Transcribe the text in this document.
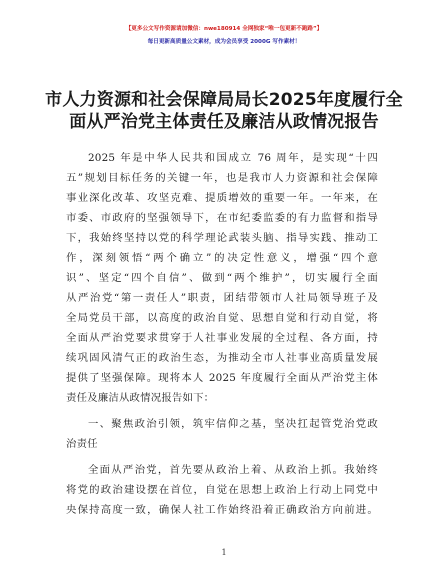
【更多公文写作资源请加微信：nwe180914 全网独家“唯一包更新不跑路”】
每日更新高质量公文素材，成为会员享受 2000G 写作素材！
市人力资源和社会保障局局长2025年度履行全
面从严治党主体责任及廉洁从政情况报告
2025 年是中华人民共和国成立 76 周年，是实现“十四
五”规划目标任务的关键一年，也是我市人力资源和社会保障
事业深化改革、攻坚克难、提质增效的重要一年。一年来，在
市委、市政府的坚强领导下，在市纪委监委的有力监督和指导
下，我始终坚持以党的科学理论武装头脑、指导实践、推动工
作，深刻领悟“两个确立”的决定性意义，增强“四个意
识”、坚定“四个自信”、做到“两个维护”，切实履行全面
从严治党“第一责任人”职责，团结带领市人社局领导班子及
全局党员干部，以高度的政治自觉、思想自觉和行动自觉，将
全面从严治党要求贯穿于人社事业发展的全过程、各方面，持
续巩固风清气正的政治生态，为推动全市人社事业高质量发展
提供了坚强保障。现将本人 2025 年度履行全面从严治党主体
责任及廉洁从政情况报告如下：
一、聚焦政治引领，筑牢信仰之基，坚决扛起管党治党政
治责任
全面从严治党，首先要从政治上着、从政治上抓。我始终
将党的政治建设摆在首位，自觉在思想上政治上行动上同党中
央保持高度一致，确保人社工作始终沿着正确政治方向前进。
1
